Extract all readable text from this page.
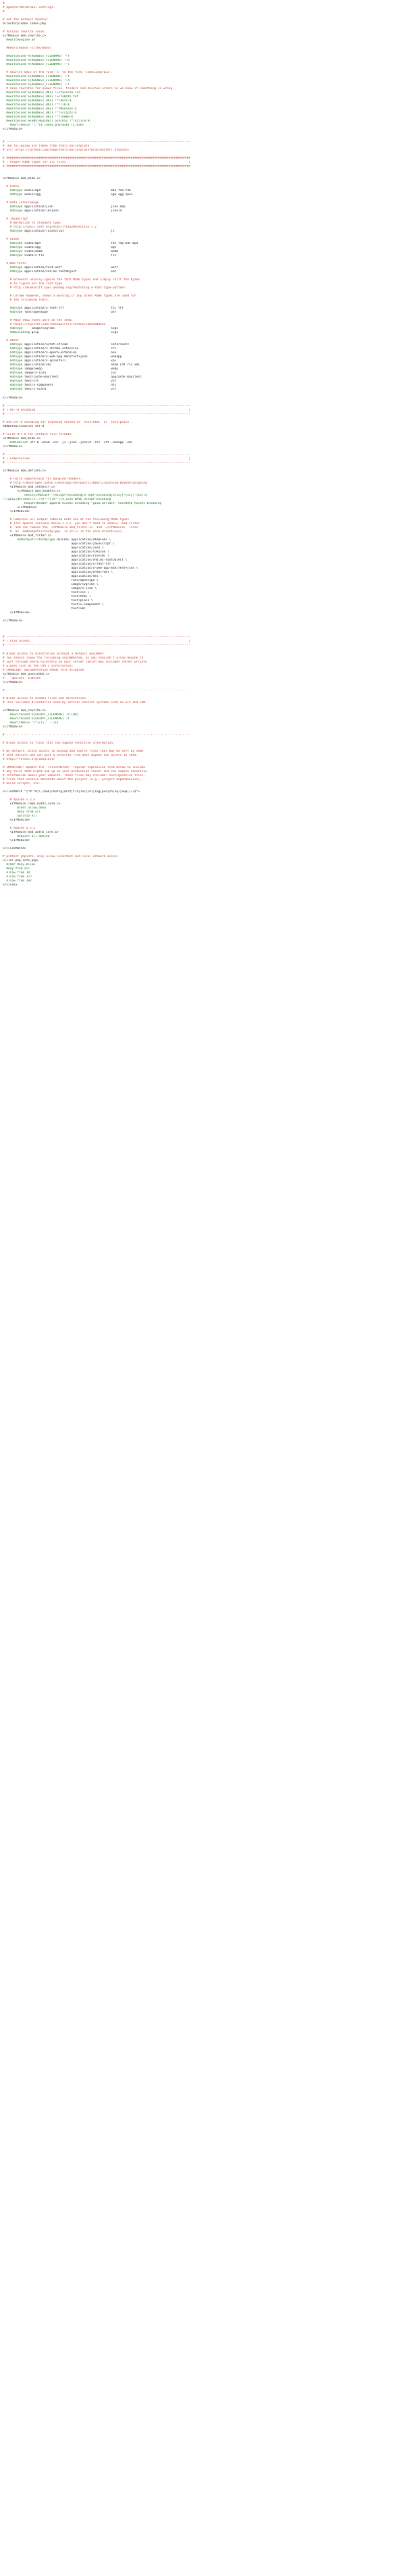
#
# Apache/PHP/Drupal settings:
#
# Set the default handler.
DirectoryIndex index.php
# Various rewrite rules.
<IfModule mod_rewrite.c>
RewriteEngine on
#RewriteBase /sites/moon/
RewriteCond %{REQUEST_FILENAME} !-f
RewriteCond %{REQUEST_FILENAME} !-d
RewriteCond %{REQUEST_FILENAME} !-l
# Rewrite URLs of the form 'x' to the form 'index.php?q=x'.
RewriteCond %{REQUEST_FILENAME} !-f
RewriteCond %{REQUEST_FILENAME} !-d
RewriteCond %{REQUEST_FILENAME} !-l
# Skip rewrites for known files, folders and 4xx/5xx errors so we know if something is wrong
RewriteCond %{REQUEST_URI} !=/favicon.ico
RewriteCond %{REQUEST_URI} !=/robots.txt
RewriteCond %{REQUEST_URI} !^/docs-$
RewriteCond %{REQUEST_URI} !^/lib-$
RewriteCond %{REQUEST_URI} !^/Modules-$
RewriteCond %{REQUEST_URI} !^/scripts-$
RewriteCond %{REQUEST_URI} !^/Theme-$
RewriteCond %{ENV:REDIRECT_STATUS} !^(4|5)[0-9]
RewriteRule ^(.*)$ index.php?q=$1 [L,QSA]
</IfModule>
# ------------------------------------------------------------------------------------------------------
# The following are taken from html5 boilerplate
# url: https://github.com/h5bp/html5-boilerplate/blob/master/.htaccess
# ######################################################################################################
# | Proper MIME types for all files                                                                    |
# ######################################################################################################
<IfModule mod_mime.c>
# Audio
AddType audio/mp4                                       m4a f4a f4b
AddType audio/ogg                                       oga ogg opus
# Data interchange
AddType application/json                                json map
AddType application/ld+json                             jsonld
# JavaScript
# Normalize to standard type.
# http://tools.ietf.org/html/rfc4329#section-7.2
AddType application/javascript                          js
# Video
AddType video/mp4                                       f4v f4p m4v mp4
AddType video/ogg                                       ogv
AddType video/webm                                      webm
AddType video/x-flv                                     flv
# Web fonts
AddType application/font-woff                           woff
AddType application/vnd.ms-fontobject                   eot
# Browsers usually ignore the font MIME types and simply sniff the bytes
# to figure out the font type.
# http://mimesniff.spec.whatwg.org/#matching-a-font-type-pattern
# Chrome however, shows a warning if any other MIME types are used for
# the following fonts.
AddType application/x-font-ttf                          ttc ttf
AddType font/opentype                                   otf
# Make SVGZ fonts work on the iPad.
# https://twitter.com/FontSquirrel/status/14855840545
AddType     image/svg+xml                               svgz
AddEncoding gzip                                        svgz
# Other
AddType application/octet-stream                        safariextz
AddType application/x-chrome-extension                  crx
AddType application/x-opera-extension                   oex
AddType application/x-web-app-manifest+json             webapp
AddType application/x-xpinstall                         xpi
AddType application/xml                                 atom rdf rss xml
AddType image/webp                                      webp
AddType image/x-icon                                    cur
AddType text/cache-manifest                             appcache manifest
AddType text/vtt                                        vtt
AddType text/x-component                                htc
AddType text/x-vcard                                    vcf
</IfModule>
# ------------------------------------------------------------------------------------------------------
# | UTF-8 encoding                                                                                     |
# ------------------------------------------------------------------------------------------------------
# Use UTF-8 encoding for anything served as `text/html` or `text/plain`.
AddDefaultCharset utf-8
# Force UTF-8 for certain file formats.
<IfModule mod_mime.c>
AddCharset utf-8 .atom .css .js .json .jsonld .rss .vtt .webapp .xml
</IfModule>
# ------------------------------------------------------------------------------------------------------
# | Compression                                                                                        |
# ------------------------------------------------------------------------------------------------------
<IfModule mod_deflate.c>
# Force compression for mangled headers.
# http://developer.yahoo.com/blogs/ydn/posts/2010/12/pushing-beyond-gzipping
<IfModule mod_setenvif.c>
<IfModule mod_headers.c>
SetEnvIfNoCase ^(Accept-EncodXng|X-cept-Encoding|X{15}|~{15}|-{15})$
^((gzip|deflate)\s*,?\s*)+|[X~-]{4,13}$ HAVE_Accept-Encoding
RequestHeader append Accept-Encoding "gzip,deflate" env=HAVE_Accept-Encoding
</IfModule>
</IfModule>
# Compress all output labeled with one of the following MIME-types
# (for Apache versions below 2.3.7, you don't need to enable `mod_filter`
#  and can remove the `<IfModule mod_filter.c>` and `</IfModule>` lines
#  as `AddOutputFilterByType` is still in the core directives).
<IfModule mod_filter.c>
AddOutputFilterByType DEFLATE application/atom+xml \
application/javascript \
application/json \
application/ld+json \
application/rss+xml \
application/vnd.ms-fontobject \
application/x-font-ttf \
application/x-web-app-manifest+json \
application/xhtml+xml \
application/xml \
font/opentype \
image/svg+xml \
image/x-icon \
text/css \
text/html \
text/plain \
text/x-component \
text/xml
</IfModule>
</IfModule>
# ------------------------------------------------------------------------------------------------------
# | File access                                                                                        |
# ------------------------------------------------------------------------------------------------------
# Block access to directories without a default document.
# You should leave the following uncommented, as you shouldn't allow anyone to
# surf through every directory on your server (which may includes rather private
# places such as the CMS's directories).
# CHANGING: documentation needs this disabled
<IfModule mod_autoindex.c>
#    Options -Indexes
</IfModule>
# - - - - - - - - - - - - - - - - - - - - - - - - - - - - - - - - - - - - - - - - - - - - - - - - - - -
# Block access to hidden files and directories.
# This includes directories used by version control systems such as Git and SVN.
<IfModule mod_rewrite.c>
RewriteCond %{SCRIPT_FILENAME} -d [OR]
RewriteCond %{SCRIPT_FILENAME} -f
RewriteRule "(^|/)\." - [F]
</IfModule>
# - - - - - - - - - - - - - - - - - - - - - - - - - - - - - - - - - - - - - - - - - - - - - - - - - - -
# Block access to files that can expose sensitive information.
# By default, block access to backup and source files that may be left by some
# text editors and can pose a security risk when anyone has access to them.
# http://feross.org/cmsploit/
# IMPORTANT: Update the `<FilesMatch>` regular expression from below to include
# any files that might end up on your production server and can expose sensitive
# information about your website. These files may include: configuration files,
# files that contain metadata about the project (e.g.: project dependencies),
# build scripts, etc..
<FilesMatch "(^#.*#|\.(bak|config|dist|fla|inc|ini|log|psd|sh|sql|swp)|~)$">
# Apache < 2.3
<IfModule !mod_authz_core.c>
Order allow,deny
Deny from all
Satisfy All
</IfModule>
# Apache ≥ 2.3
<IfModule mod_authz_core.c>
Require all denied
</IfModule>
</FilesMatch>
# protect phpinfo, only allow localhost and local network access
<Files php-info.php>
Order Deny,Allow
Deny from all
Allow from 10
Allow from 172
Allow from 192
</Files>
